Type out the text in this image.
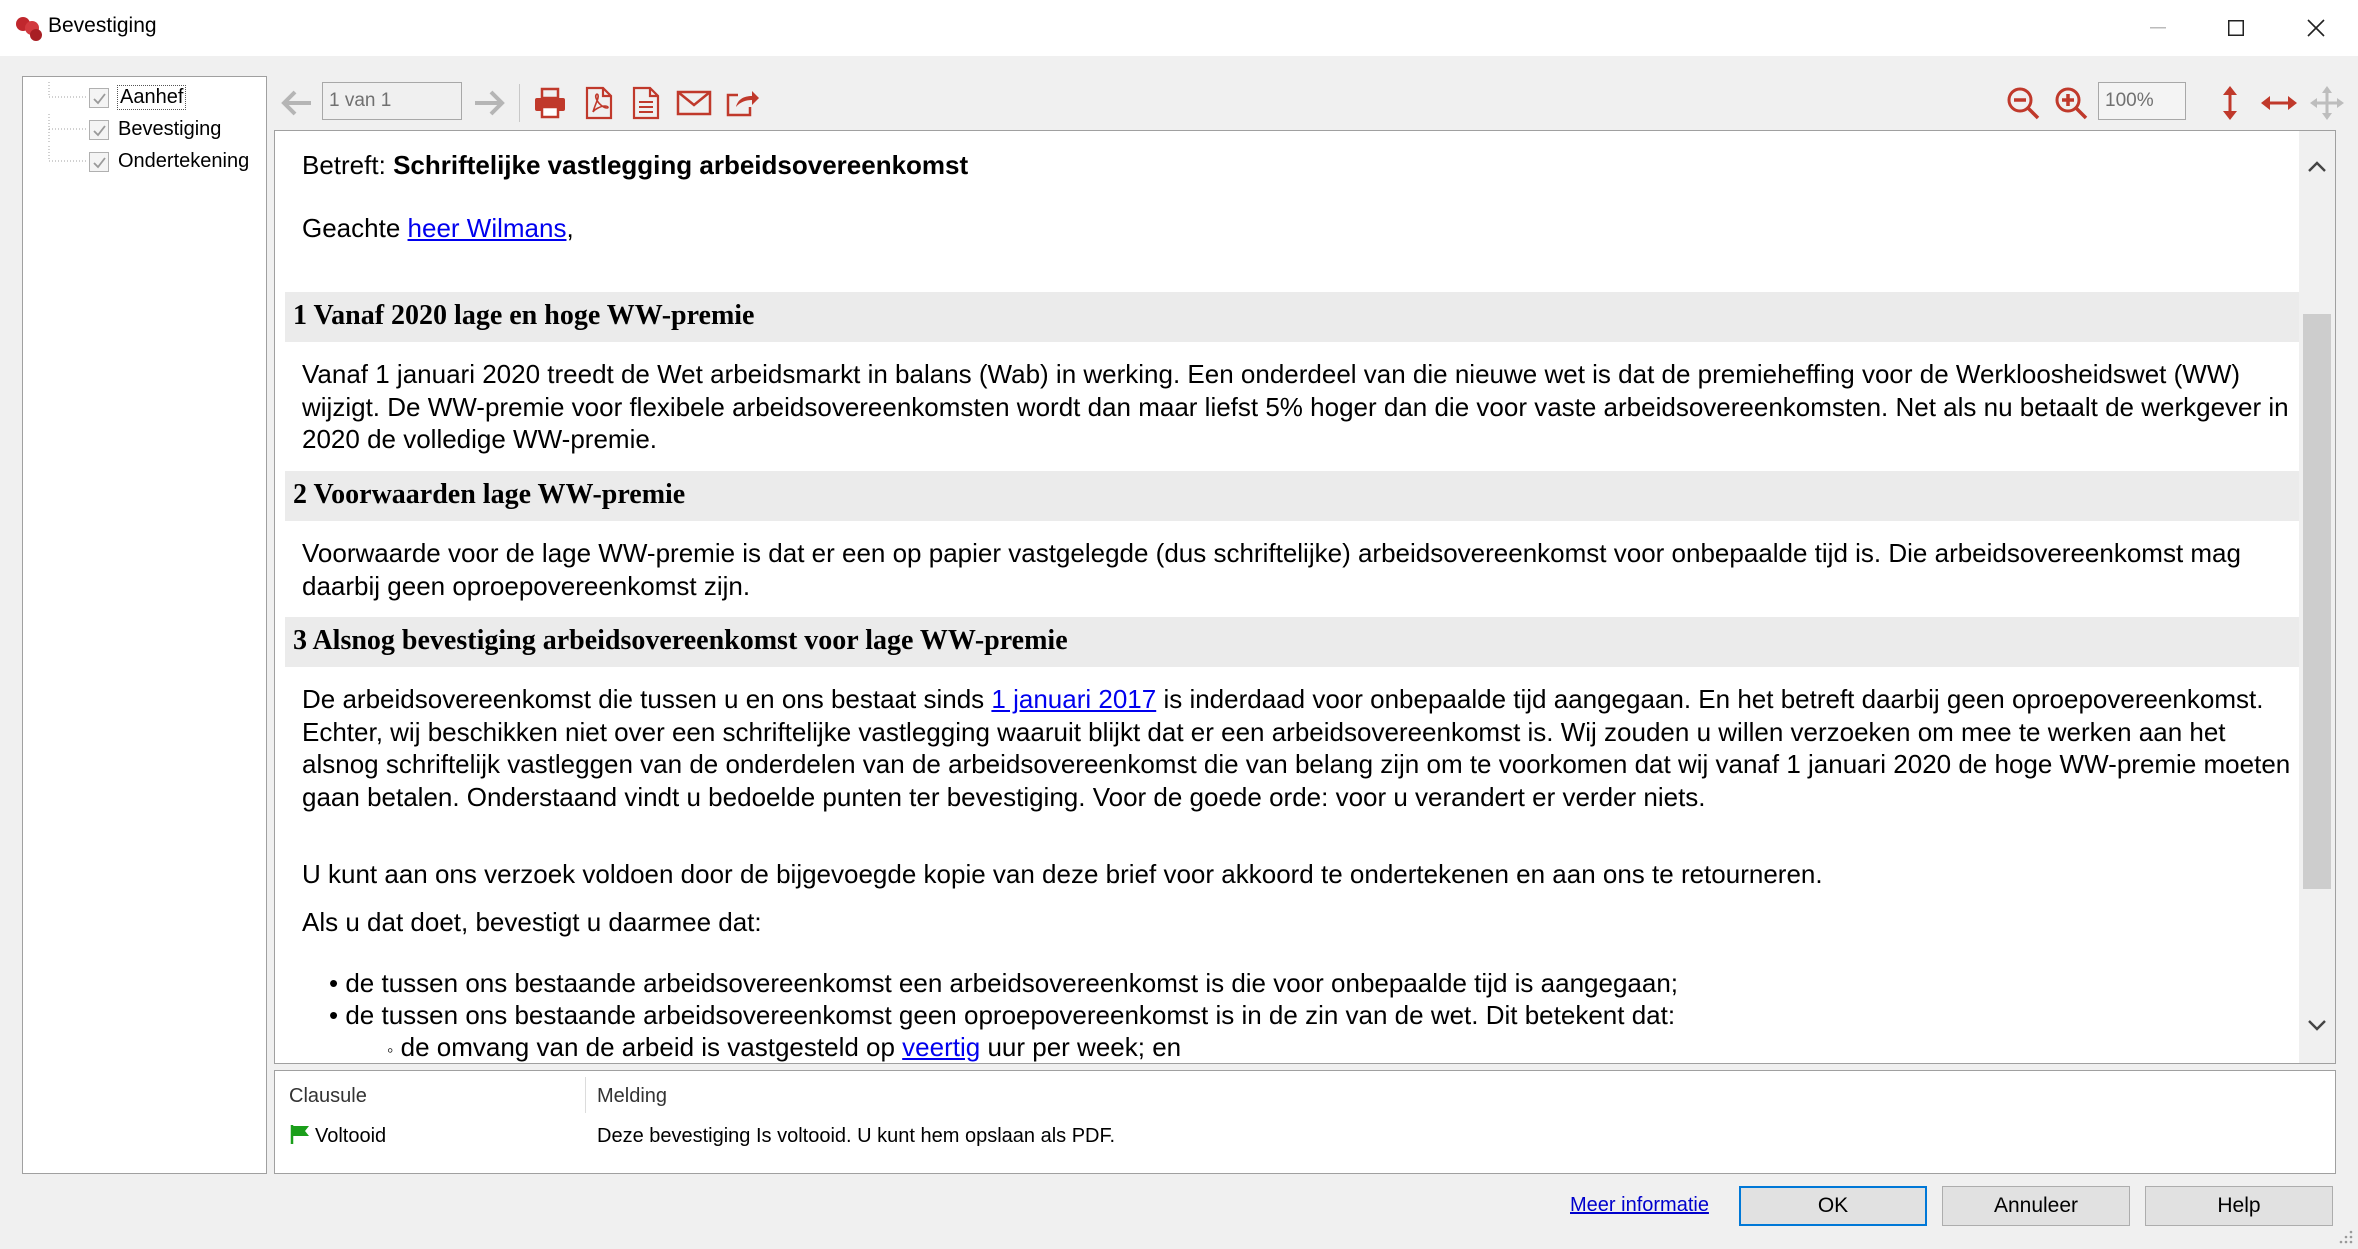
Bevestiging
Aanhef
Bevestiging
Ondertekening
1 van 1
100% Betreft: Schriftelijke vastlegging arbeidsovereenkomst
Geachte heer Wilmans,
1 Vanaf 2020 lage en hoge WW-premie
Vanaf 1 januari 2020 treedt de Wet arbeidsmarkt in balans (Wab) in werking. Een onderdeel van die nieuwe wet is dat de premieheffing voor de Werkloosheidswet (WW) wijzigt. De WW-premie voor flexibele arbeidsovereenkomsten wordt dan maar liefst 5% hoger dan die voor vaste arbeidsovereenkomsten. Net als nu betaalt de werkgever in 2020 de volledige WW-premie.
2 Voorwaarden lage WW-premie
Voorwaarde voor de lage WW-premie is dat er een op papier vastgelegde (dus schriftelijke) arbeidsovereenkomst voor onbepaalde tijd is. Die arbeidsovereenkomst mag daarbij geen oproepovereenkomst zijn.
3 Alsnog bevestiging arbeidsovereenkomst voor lage WW-premie
De arbeidsovereenkomst die tussen u en ons bestaat sinds 1 januari 2017 is inderdaad voor onbepaalde tijd aangegaan. En het betreft daarbij geen oproepovereenkomst. Echter, wij beschikken niet over een schriftelijke vastlegging waaruit blijkt dat er een arbeidsovereenkomst is. Wij zouden u willen verzoeken om mee te werken aan het alsnog schriftelijk vastleggen van de onderdelen van de arbeidsovereenkomst die van belang zijn om te voorkomen dat wij vanaf 1 januari 2020 de hoge WW-premie moeten gaan betalen. Onderstaand vindt u bedoelde punten ter bevestiging. Voor de goede orde: voor u verandert er verder niets.
U kunt aan ons verzoek voldoen door de bijgevoegde kopie van deze brief voor akkoord te ondertekenen en aan ons te retourneren.
Als u dat doet, bevestigt u daarmee dat:
• de tussen ons bestaande arbeidsovereenkomst een arbeidsovereenkomst is die voor onbepaalde tijd is aangegaan;
• de tussen ons bestaande arbeidsovereenkomst geen oproepovereenkomst is in de zin van de wet. Dit betekent dat:
◦ de omvang van de arbeid is vastgesteld op veertig uur per week; en
Clausule	Melding
Voltooid	Deze bevestiging Is voltooid. U kunt hem opslaan als PDF.
Meer informatie	OK	Annuleer	Help
